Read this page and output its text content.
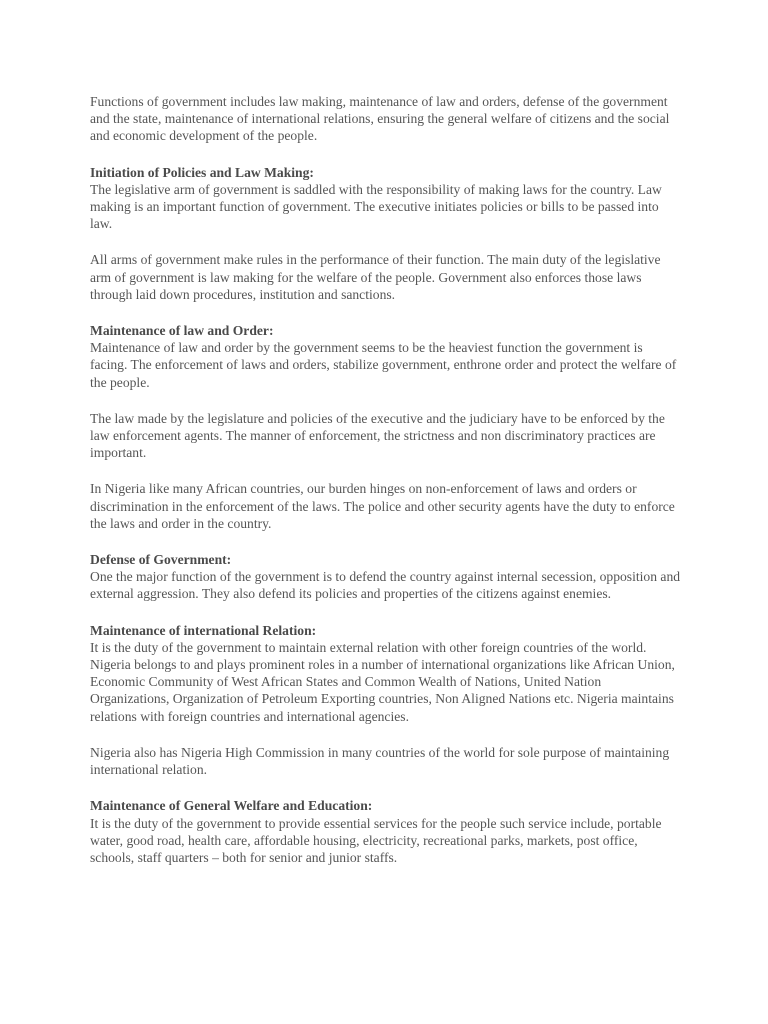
Functions of government includes law making, maintenance of law and orders, defense of the government and the state, maintenance of international relations, ensuring the general welfare of citizens and the social and economic development of the people.

Initiation of Policies and Law Making:

The legislative arm of government is saddled with the responsibility of making laws for the country. Law making is an important function of government. The executive initiates policies or bills to be passed into law.

All arms of government make rules in the performance of their function. The main duty of the legislative arm of government is law making for the welfare of the people. Government also enforces those laws through laid down procedures, institution and sanctions.

Maintenance of law and Order:

Maintenance of law and order by the government seems to be the heaviest function the government is facing. The enforcement of laws and orders, stabilize government, enthrone order and protect the welfare of the people.

The law made by the legislature and policies of the executive and the judiciary have to be enforced by the law enforcement agents. The manner of enforcement, the strictness and non discriminatory practices are important.

In Nigeria like many African countries, our burden hinges on non-enforcement of laws and orders or discrimination in the enforcement of the laws. The police and other security agents have the duty to enforce the laws and order in the country.

Defense of Government:

One the major function of the government is to defend the country against internal secession, opposition and external aggression. They also defend its policies and properties of the citizens against enemies.

Maintenance of international Relation:

It is the duty of the government to maintain external relation with other foreign countries of the world. Nigeria belongs to and plays prominent roles in a number of international organizations like African Union, Economic Community of West African States and Common Wealth of Nations, United Nation Organizations, Organization of Petroleum Exporting countries, Non Aligned Nations etc. Nigeria maintains relations with foreign countries and international agencies.

Nigeria also has Nigeria High Commission in many countries of the world for sole purpose of maintaining international relation.

Maintenance of General Welfare and Education:

It is the duty of the government to provide essential services for the people such service include, portable water, good road, health care, affordable housing, electricity, recreational parks, markets, post office, schools, staff quarters – both for senior and junior staffs.
